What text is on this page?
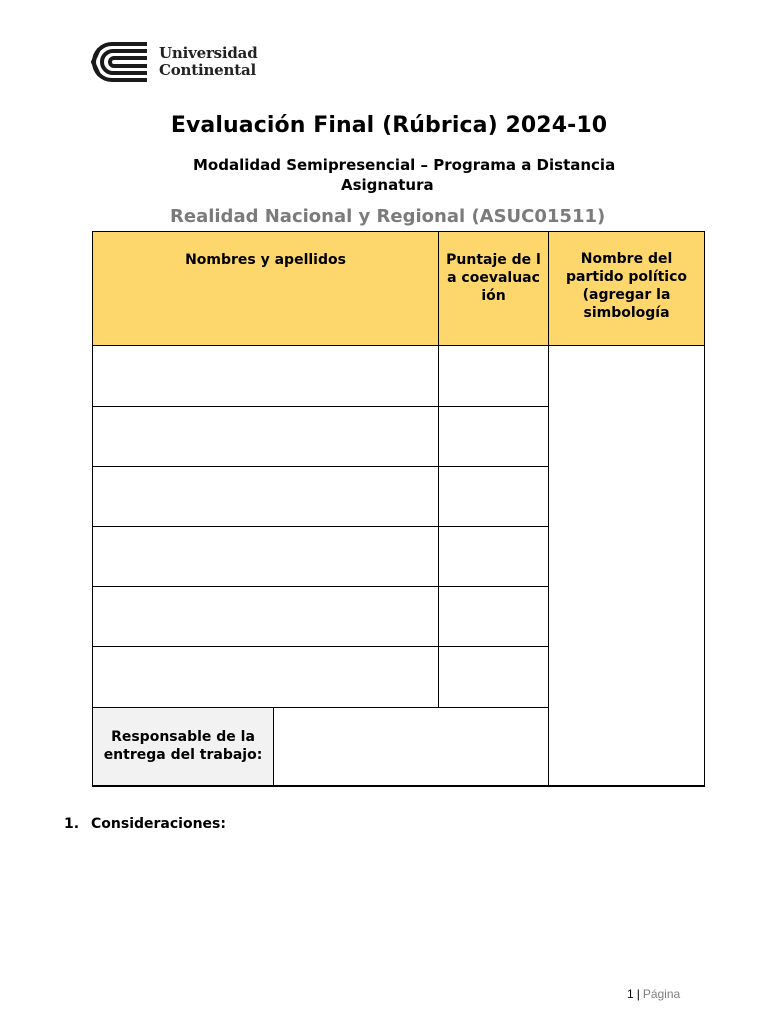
Universidad
Continental
Evaluación Final (Rúbrica) 2024-10
Modalidad Semipresencial – Programa a Distancia
Asignatura
Realidad Nacional y Regional (ASUC01511)
Nombres y apellidos		Puntaje de la coevaluación	Nombre del partido político (agregar la simbología

Responsable de la entrega del trabajo:			
1. Consideraciones:
1 | Página
